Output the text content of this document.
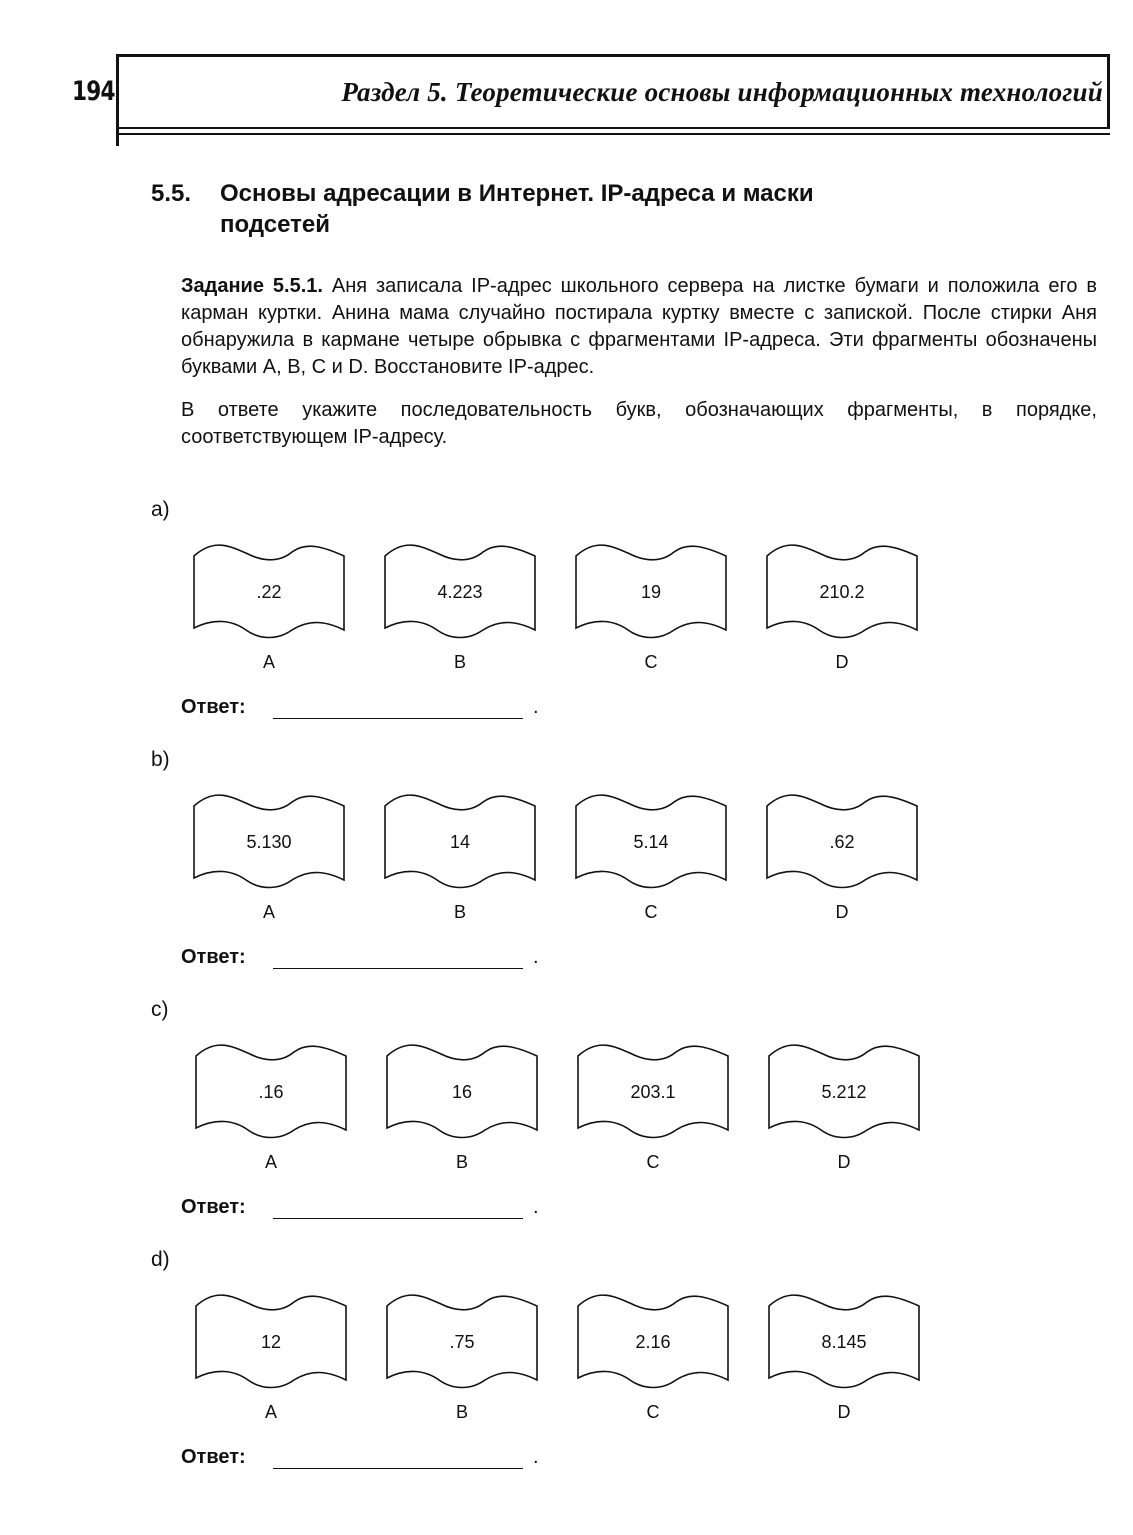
194	Раздел 5. Теоретические основы информационных технологий
5.5. Основы адресации в Интернет. IP-адреса и маски
подсетей

Задание 5.5.1. Аня записала IP-адрес школьного сервера на листке бумаги и положила его в карман куртки. Анина мама случайно постирала куртку вместе с запиской. После стирки Аня обнаружила в кармане четыре обрывка с фрагментами IP-адреса. Эти фрагменты обозначены буквами А, В, С и D. Восстановите IP-адрес.

В ответе укажите последовательность букв, обозначающих фрагменты, в порядке, соответствующем IP-адресу.

a)
.22
A
4.223
B
19
C
210.2
D
Ответ:	.
b)
5.130
A
14
B
5.14
C
.62
D
Ответ:	.
c)
.16
A
16
B
203.1
C
5.212
D
Ответ:	.
d)
12
A
.75
B
2.16
C
8.145
D
Ответ:	.
